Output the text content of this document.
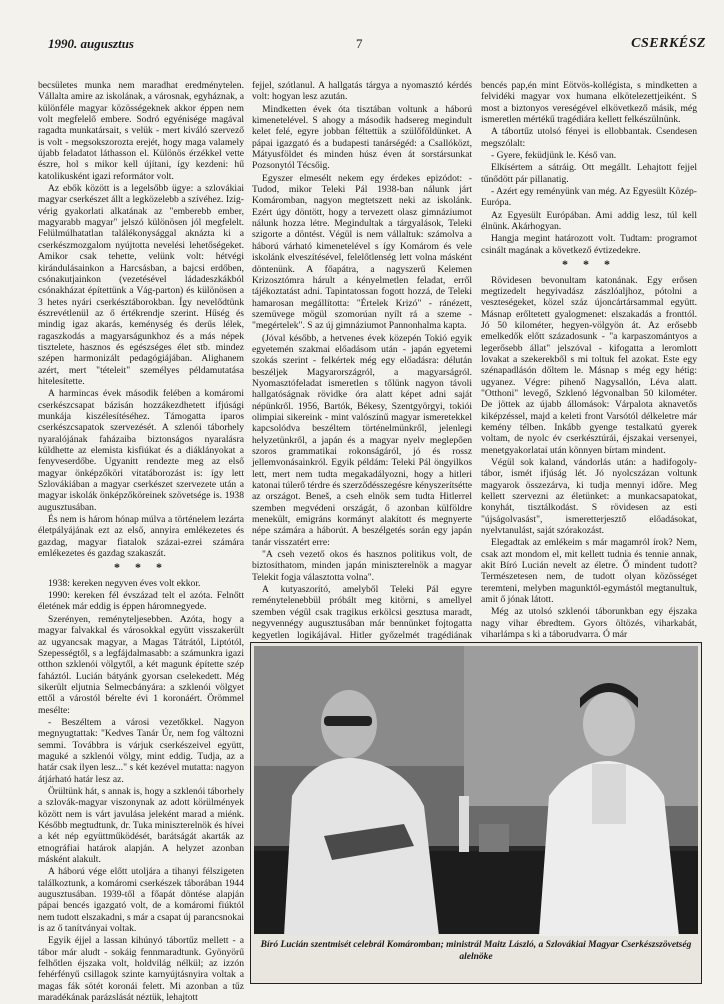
1990. augusztus	7	CSERKÉSZ

becsületes munka nem maradhat eredménytelen. Vállalta amire az iskolának, a városnak, egyháznak, a különféle magyar közösségeknek akkor éppen nem volt megfelelő embere. Sodró egyénisége magával ragadta munkatársait, s velük - mert kiváló szervező is volt - megsokszorozta erejét, hogy maga valamely újabb feladatot láthasson el. Különös érzékkel vette észre, hol s mikor kell újítani, így kezdeni: hű katolikusként igazi reformátor volt.

Az ebők között is a legelsőbb ügye: a szlovákiai magyar cserkészet állt a legközelebb a szívéhez. Izig-vérig gyakorlati alkatának az "emberebb ember, magyarabb magyar" jelszó különösen jól megfelelt. Felülmúlhatatlan találékonysággal aknázta ki a cserkészmozgalom nyújtotta nevelési lehetőségeket. Amikor csak tehette, velünk volt: hétvégi kirándulásainkon a Harcsásban, a bajcsi erdőben, csónakutjainkon (vezetésével ládadeszkákból csónakházat építettünk a Vág-parton) és különösen a 3 hetes nyári cserkésztáborokban. Így nevelődtünk észrevétlenül az ő értékrendje szerint. Hűség és mindig igaz akarás, keménység és derűs lélek, ragaszkodás a magyarságunkhoz és a más népek tisztelete, hasznos és egészséges élet stb. mindez szépen harmonizált pedagógiájában. Alighanem azért, mert "tételeit" személyes példamutatása hitelesítette.

A harmincas évek második felében a komáromi cserkészcsapat bázisán hozzákezdhetett ifjúsági munkája kiszélesítéséhez. Támogatta iparos cserkészcsapatok szervezését. A szlenói táborhely nyaralójának faházaiba biztonságos nyaralásra küldhette az elemista kisfiúkat és a diáklányokat a fenyveserdőbe. Ugyanitt rendezte meg az első magyar önképzőköri vitatáborozást is: így lett Szlovákiában a magyar cserkészet szervezete után a magyar iskolák önképzőköreinek szövetsége is. 1938 augusztusában.

És nem is három hónap múlva a történelem lezárta életpályájának ezt az első, annyira emlékezetes és gazdag, magyar fiatalok százai-ezrei számára emlékezetes és gazdag szakaszát.

* * *

1938: kereken negyven éves volt ekkor.

1990: kereken fél évszázad telt el azóta. Felnőtt életének már eddig is éppen háromnegyede.

Szerényen, reményteljesebben. Azóta, hogy a magyar falvakkal és városokkal együtt visszakerült az ugyancsak magyar, a Magas Tátrától, Liptótól, Szepességtől, s a legfájdalmasabb: a számunkra igazi otthon szklenói völgytől, a két magunk építette szép faháztól. Lucián bátyánk gyorsan cselekedett. Még sikerült eljutnia Selmecbányára: a szklenói völgyet ettől a várostól bérelte évi 1 koronáért. Örömmel mesélte:

- Beszéltem a városi vezetőkkel. Nagyon megnyugtattak: "Kedves Tanár Úr, nem fog változni semmi. Továbbra is várjuk cserkészeivel együtt, maguké a szklenói völgy, mint eddig. Tudja, az a határ csak ilyen lesz..." s két kezével mutatta: nagyon átjárható határ lesz az.

Örültünk hát, s annak is, hogy a szklenói táborhely a szlovák-magyar viszonynak az adott körülmények között nem is várt javulása jeleként marad a miénk. Később megtudtunk, dr. Tuka miniszterelnök és hívei a két nép együttműködését, barátságát akarták az etnográfiai határok alapján. A helyzet azonban másként alakult.

A háború vége előtt utoljára a tihanyi félszigeten találkoztunk, a komáromi cserkészek táborában 1944 augusztusában. 1939-től a főapát döntése alapján pápai bencés igazgató volt, de a komáromi fiúktól nem tudott elszakadni, s már a csapat új parancsnokai is az ő tanítványai voltak.

Egyik éjjel a lassan kihúnyó tábortűz mellett - a tábor már aludt - sokáig fennmaradtunk. Gyönyörű felhőtlen éjszaka volt, holdvilág nélkül; az izzón fehérfényű csillagok szinte karnyújtásnyira voltak a magas fák sötét koronái felett. Mi azonban a tűz maradékának parázslását néztük, lehajtott

fejjel, szótlanul. A hallgatás tárgya a nyomasztó kérdés volt: hogyan lesz azután.

Mindketten évek óta tisztában voltunk a háború kimenetelével. S ahogy a második hadsereg megindult kelet felé, egyre jobban féltettük a szülőföldünket. A pápai igazgató és a budapesti tanárségéd: a Csallóközt, Mátyusföldet és minden húsz éven át sorstársunkat Pozsonytól Técsőig.

Egyszer elmesélt nekem egy érdekes epizódot: - Tudod, mikor Teleki Pál 1938-ban nálunk járt Komáromban, nagyon megtetszett neki az iskolánk. Ezért úgy döntött, hogy a tervezett olasz gimnáziumot nálunk hozza létre. Megindultak a tárgyalások, Teleki szigorte a döntést. Végül is nem vállaltuk: számolva a háború várható kimenetelével s így Komárom és vele iskolánk elveszítésével, felelőtlenség lett volna másként döntenünk. A főapátra, a nagyszerű Kelemen Krizosztómra hárult a kényelmetlen feladat, erről tájékoztatást adni. Tapintatossan fogott hozzá, de Teleki hamarosan megállította: "Értelek Krizó" - ránézett, szemüvege mögül szomorúan nyílt rá a szeme - "megértelek". S az új gimnáziumot Pannonhalma kapta.

(Jóval később, a hetvenes évek közepén Tokió egyik egyetemén szakmai előadásom után - japán egyetemi szokás szerint - felkértek még egy előadásra: délután beszéljek Magyarországról, a magyarságról. Nyomasztófeladat ismeretlen s tőlünk nagyon távoli hallgatóságnak rövidke óra alatt képet adni saját népünkről. 1956, Bartók, Békesy, Szentgyörgyi, tokiói olimpiai sikereink - mint valószínű magyar ismeretekkel kapcsolódva beszéltem történelmünkről, jelenlegi helyzetünkről, a japán és a magyar nyelv meglepően szoros grammatikai rokonságáról, jó és rossz jellemvonásainkról. Egyik példám: Teleki Pál öngyilkos lett, mert nem tudta megakadályozni, hogy a hitleri katonai túlerő térdre és szerződésszegésre kényszerítsétte az országot. Beneš, a cseh elnök sem tudta Hitlerrel szemben megvédeni országát, ő azonban külföldre menekült, emigráns kormányt alakított és megnyerte népe számára a háborút. A beszélgetés során egy japán tanár visszatért erre:

"A cseh vezető okos és hasznos politikus volt, de biztosíthatom, minden japán miniszterelnök a magyar Telekit fogja választotta volna".

A kutyaszorító, amelyből Teleki Pál egyre reménytelenebbül próbált meg kitörni, s amellyel szemben végül csak tragikus erkölcsi gesztusa maradt, negyvennégy augusztusában már bennünket fojtogatta kegyetlen logikájával. Hitler győzelmét tragédiának

bencés pap,én mint Eötvös-kollégista, s mindketten a felvidéki magyar vox humana elkötelezettjeiként. S most a biztonyos vereségével elkövetkező másik, még ismeretlen mértékű tragédiára kellett felkészülnünk.

A tábortűz utolsó fényei is ellobbantak. Csendesen megszólalt:

- Gyere, feküdjünk le. Késő van.

Elkísértem a sátráig. Ott megállt. Lehajtott fejjel tűnődött pár pillanatig.

- Azért egy reményünk van még. Az Egyesült Közép-Európa.

Az Egyesült Európában. Ami addig lesz, túl kell élnünk. Akárhogyan.

Hangja megint határozott volt. Tudtam: programot csinált magának a következő évtizedekre.

* * *

Rövidesen bevonultam katonának. Egy erősen megtizedelt hegyivadász zászlóaljhoz, pótolni a veszteségeket, közel száz újoncártársammal együtt. Másnap erőltetett gyalogmenet: elszakadás a fronttól. Jó 50 kilométer, hegyen-völgyön át. Az erősebb emelkedők előtt századosunk - "a karpaszomántyos a legerősebb állat" jelszóval - kifogatta a leromlott lovakat a szekerekből s mi toltuk fel azokat. Este egy szénapadlásón dőltem le. Másnap s még egy hétig: ugyanez. Végre: pihenő Nagysallón, Léva alatt. "Otthoni" levegő, Szklenó légvonalban 50 kilométer. De jöttek az újabb állomások: Várpalota aknavetős kiképzéssel, majd a keleti front Varsótól délkeletre már kemény télben. Inkább gyenge testalkatú gyerek voltam, de nyolc év cserkésztúrái, éjszakai versenyei, menetgyakorlatai után könnyen bírtam mindent.

Végül sok kaland, vándorlás után: a hadifogoly-tábor, ismét ifjúság lét. Jó nyolcszázan voltunk magyarok összezárva, ki tudja mennyi időre. Meg kellett szervezni az életünket: a munkacsapatokat, konyhát, tisztálkodást. S rövidesen az esti "újságolvasást", ismeretterjesztő előadásokat, nyelvtanulást, saját szórakozást.

Elegadtak az emlékeim s már magamról írok? Nem, csak azt mondom el, mit kellett tudnia és tennie annak, akit Bíró Lucián nevelt az életre. Ő mindent tudott? Természetesen nem, de tudott olyan közösséget teremteni, melyben magunktól-egymástól megtanultuk, amit ő jónak látott.

Még az utolsó szklenói táborunkban egy éjszaka nagy vihar ébredtem. Gyors öltözés, viharkabát, viharlámpa s ki a táborudvarra. Ó már

Bíró Lucián szentmisét celebrál Komáromban; ministrál Maitz László, a Szlovákiai Magyar Cserkészszövetség alelnöke
